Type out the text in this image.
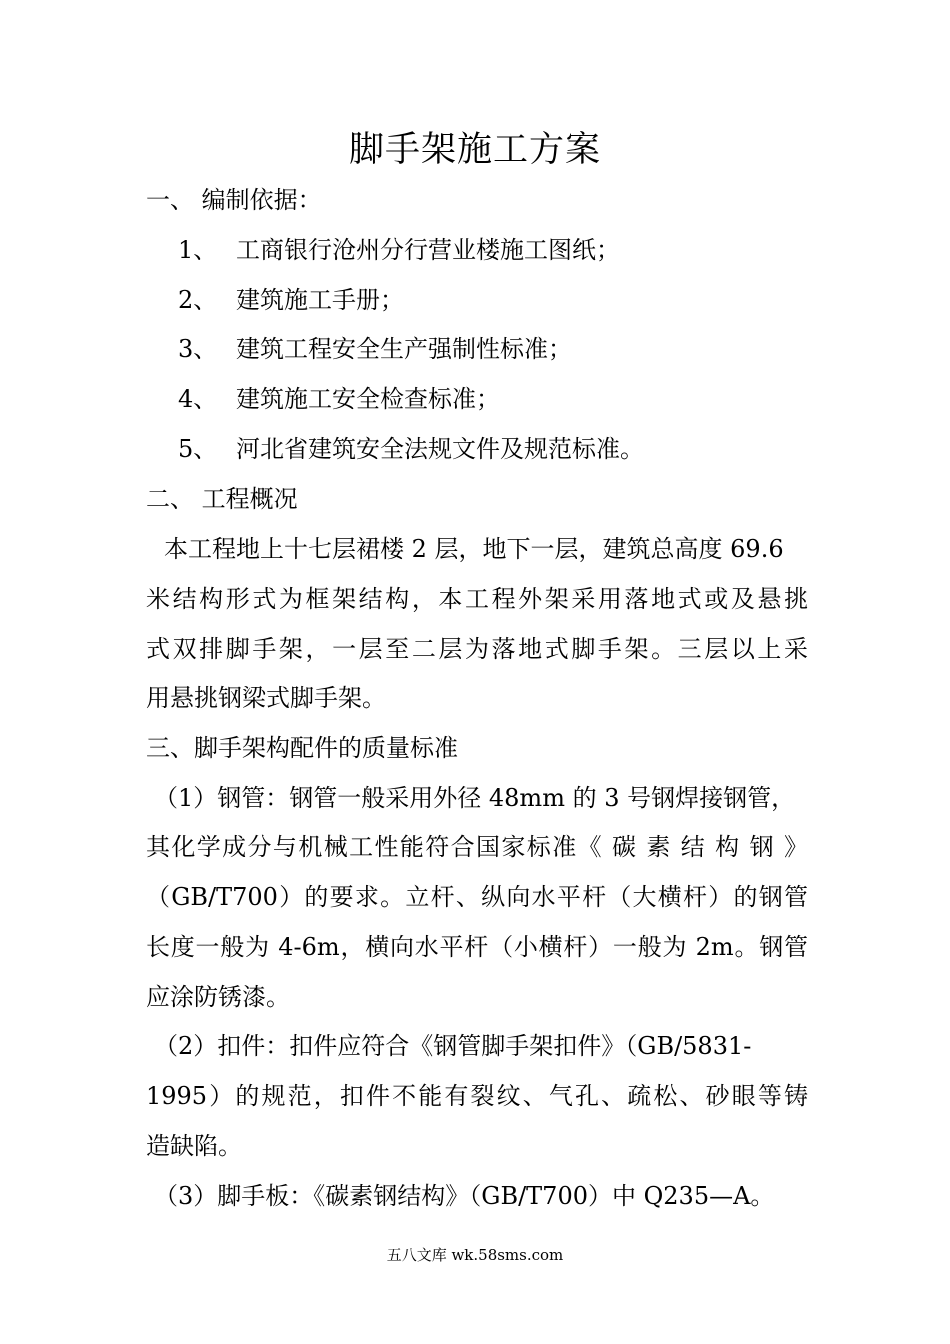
脚手架施工方案
一、 编制依据：
1、 工商银行沧州分行营业楼施工图纸；
2、 建筑施工手册；
3、 建筑工程安全生产强制性标准；
4、 建筑施工安全检查标准；
5、 河北省建筑安全法规文件及规范标准。
二、 工程概况
本工程地上十七层裙楼 2 层，地下一层，建筑总高度 69.6
米结构形式为框架结构，本工程外架采用落地式或及悬挑
式双排脚手架，一层至二层为落地式脚手架。三层以上采
用悬挑钢梁式脚手架。
三、脚手架构配件的质量标准
（1）钢管：钢管一般采用外径 48mm 的 3 号钢焊接钢管，
其化学成分与机械工性能符合国家标准《 碳 素 结 构 钢 》
（GB/T700）的要求。立杆、纵向水平杆（大横杆）的钢管
长度一般为 4-6m，横向水平杆（小横杆）一般为 2m。钢管
应涂防锈漆。
（2）扣件：扣件应符合《钢管脚手架扣件》（GB/5831-
1995）的规范，扣件不能有裂纹、气孔、疏松、砂眼等铸
造缺陷。
（3）脚手板：《碳素钢结构》（GB/T700）中 Q235—A。
五八文库 wk.58sms.com
